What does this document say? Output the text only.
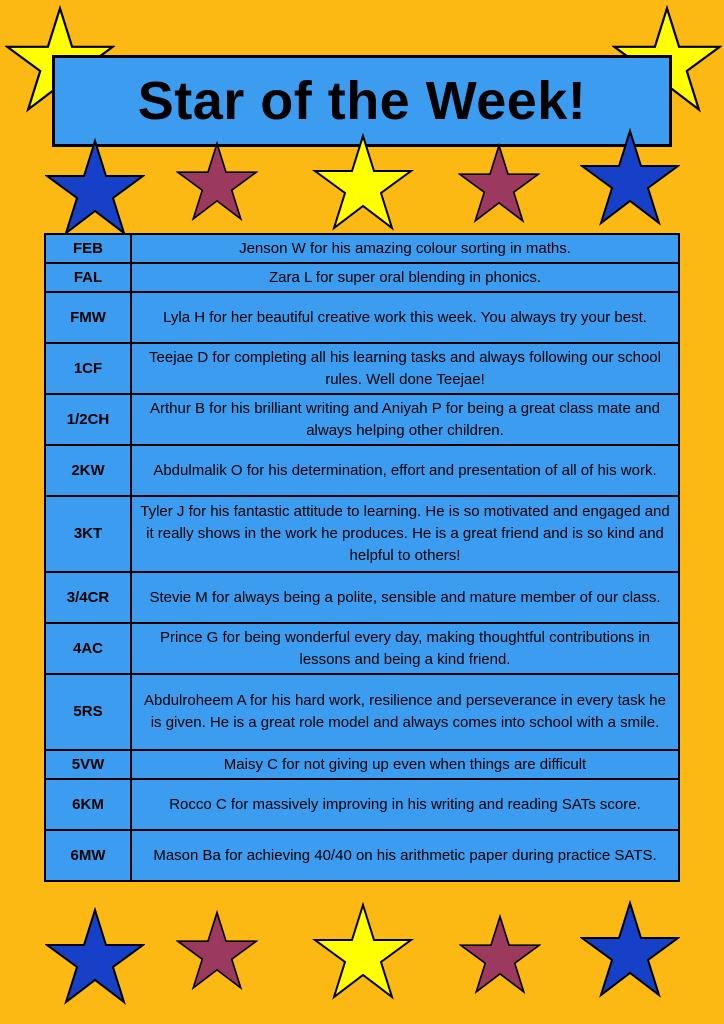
Star of the Week!
FEB	Jenson W for his amazing colour sorting in maths.
FAL	Zara L for super oral blending in phonics.
FMW	Lyla H for her beautiful creative work this week. You always try your best.
1CF	Teejae D for completing all his learning tasks and always following our school rules. Well done Teejae!
1/2CH	Arthur B for his brilliant writing and Aniyah P for being a great class mate and always helping other children.
2KW	Abdulmalik O for his determination, effort and presentation of all of his work.
3KT	Tyler J for his fantastic attitude to learning. He is so motivated and engaged and it really shows in the work he produces. He is a great friend and is so kind and helpful to others!
3/4CR	Stevie M for always being a polite, sensible and mature member of our class.
4AC	Prince G for being wonderful every day, making thoughtful contributions in lessons and being a kind friend.
5RS	Abdulroheem A for his hard work, resilience and perseverance in every task he is given. He is a great role model and always comes into school with a smile.
5VW	Maisy C for not giving up even when things are difficult
6KM	Rocco C for massively improving in his writing and reading SATs score.
6MW	Mason Ba for achieving 40/40 on his arithmetic paper during practice SATS.
